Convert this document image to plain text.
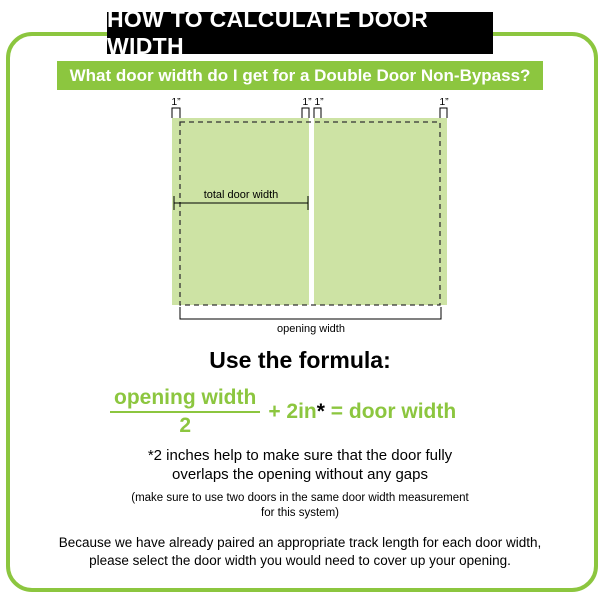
HOW TO CALCULATE DOOR WIDTH
What door width do I get for a Double Door Non-Bypass?
1”	1” 1”	1”
total door width
opening width
Use the formula:
$\frac{\text{opening width}}{2} + 2in$ * = door width
*2 inches help to make sure that the door fully
overlaps the opening without any gaps
(make sure to use two doors in the same door width measurement
for this system)
Because we have already paired an appropriate track length for each door width,
please select the door width you would need to cover up your opening.
